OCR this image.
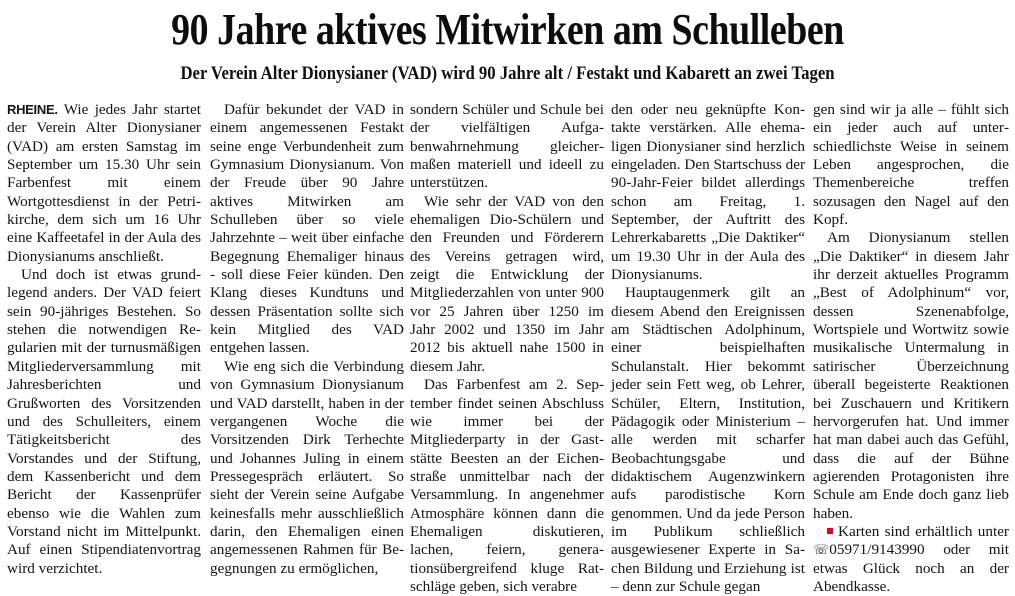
90 Jahre aktives Mitwirken am Schulleben
Der Verein Alter Dionysianer (VAD) wird 90 Jahre alt / Festakt und Kabarett an zwei Tagen

RHEINE. Wie jedes Jahr startet der Verein Alter Dionysianer (VAD) am ersten Samstag im September um 15.30 Uhr sein Farbenfest mit einem Wortgottesdienst in der Petrikirche, dem sich um 16 Uhr eine Kaffeetafel in der Aula des Dionysianums anschließt.

Und doch ist etwas grundlegend anders. Der VAD feiert sein 90-jähriges Bestehen. So stehen die notwendigen Regularien mit der turnusmäßigen Mitgliederversammlung mit Jahresberichten und Grußworten des Vorsitzenden und des Schulleiters, einem Tätigkeitsbericht des Vorstandes und der Stiftung, dem Kassenbericht und dem Bericht der Kassenprüfer ebenso wie die Wahlen zum Vorstand nicht im Mittelpunkt. Auf einen Stipendiatenvortrag wird verzichtet.

Dafür bekundet der VAD in einem angemessenen Festakt seine enge Verbundenheit zum Gymnasium Dionysianum. Von der Freude über 90 Jahre aktives Mitwirken am Schulleben über so viele Jahrzehnte – weit über einfache Begegnung Ehemaliger hinaus - soll diese Feier künden. Den Klang dieses Kundtuns und dessen Präsentation sollte sich kein Mitglied des VAD entgehen lassen.

Wie eng sich die Verbindung von Gymnasium Dionysianum und VAD darstellt, haben in der vergangenen Woche die Vorsitzenden Dirk Terhechte und Johannes Juling in einem Pressegespräch erläutert. So sieht der Verein seine Aufgabe keinesfalls mehr ausschließlich darin, den Ehemaligen einen angemessenen Rahmen für Begegnungen zu ermöglichen,

sondern Schüler und Schule bei der vielfältigen Aufgabenwahrnehmung gleichermaßen materiell und ideell zu unterstützen.

Wie sehr der VAD von den ehemaligen Dio-Schülern und den Freunden und Förderern des Vereins getragen wird, zeigt die Entwicklung der Mitgliederzahlen von unter 900 vor 25 Jahren über 1250 im Jahr 2002 und 1350 im Jahr 2012 bis aktuell nahe 1500 in diesem Jahr.

Das Farbenfest am 2. September findet seinen Abschluss wie immer bei der Mitgliederparty in der Gaststätte Beesten an der Eichenstraße unmittelbar nach der Versammlung. In angenehmer Atmosphäre können dann die Ehemaligen diskutieren, lachen, feiern, generationsübergreifend kluge Ratschläge geben, sich verabre

den oder neu geknüpfte Kontakte verstärken. Alle ehemaligen Dionysianer sind herzlich eingeladen. Den Startschuss der 90-Jahr-Feier bildet allerdings schon am Freitag, 1. September, der Auftritt des Lehrerkabaretts „Die Daktiker“ um 19.30 Uhr in der Aula des Dionysianums.

Hauptaugenmerk gilt an diesem Abend den Ereignissen am Städtischen Adolphinum, einer beispielhaften Schulanstalt. Hier bekommt jeder sein Fett weg, ob Lehrer, Schüler, Eltern, Institution, Pädagogik oder Ministerium – alle werden mit scharfer Beobachtungsgabe und didaktischem Augenzwinkern aufs parodistische Korn genommen. Und da jede Person im Publikum schließlich ausgewiesener Experte in Sachen Bildung und Erziehung ist – denn zur Schule gegan

gen sind wir ja alle – fühlt sich ein jeder auch auf unterschiedlichste Weise in seinem Leben angesprochen, die Themenbereiche treffen sozusagen den Nagel auf den Kopf.

Am Dionysianum stellen „Die Daktiker“ in diesem Jahr ihr derzeit aktuelles Programm „Best of Adolphinum“ vor, dessen Szenenabfolge, Wortspiele und Wortwitz sowie musikalische Untermalung in satirischer Überzeichnung überall begeisterte Reaktionen bei Zuschauern und Kritikern hervorgerufen hat. Und immer hat man dabei auch das Gefühl, dass die auf der Bühne agierenden Protagonisten ihre Schule am Ende doch ganz lieb haben.

Karten sind erhältlich unter ☏05971/9143990 oder mit etwas Glück noch an der Abendkasse.
